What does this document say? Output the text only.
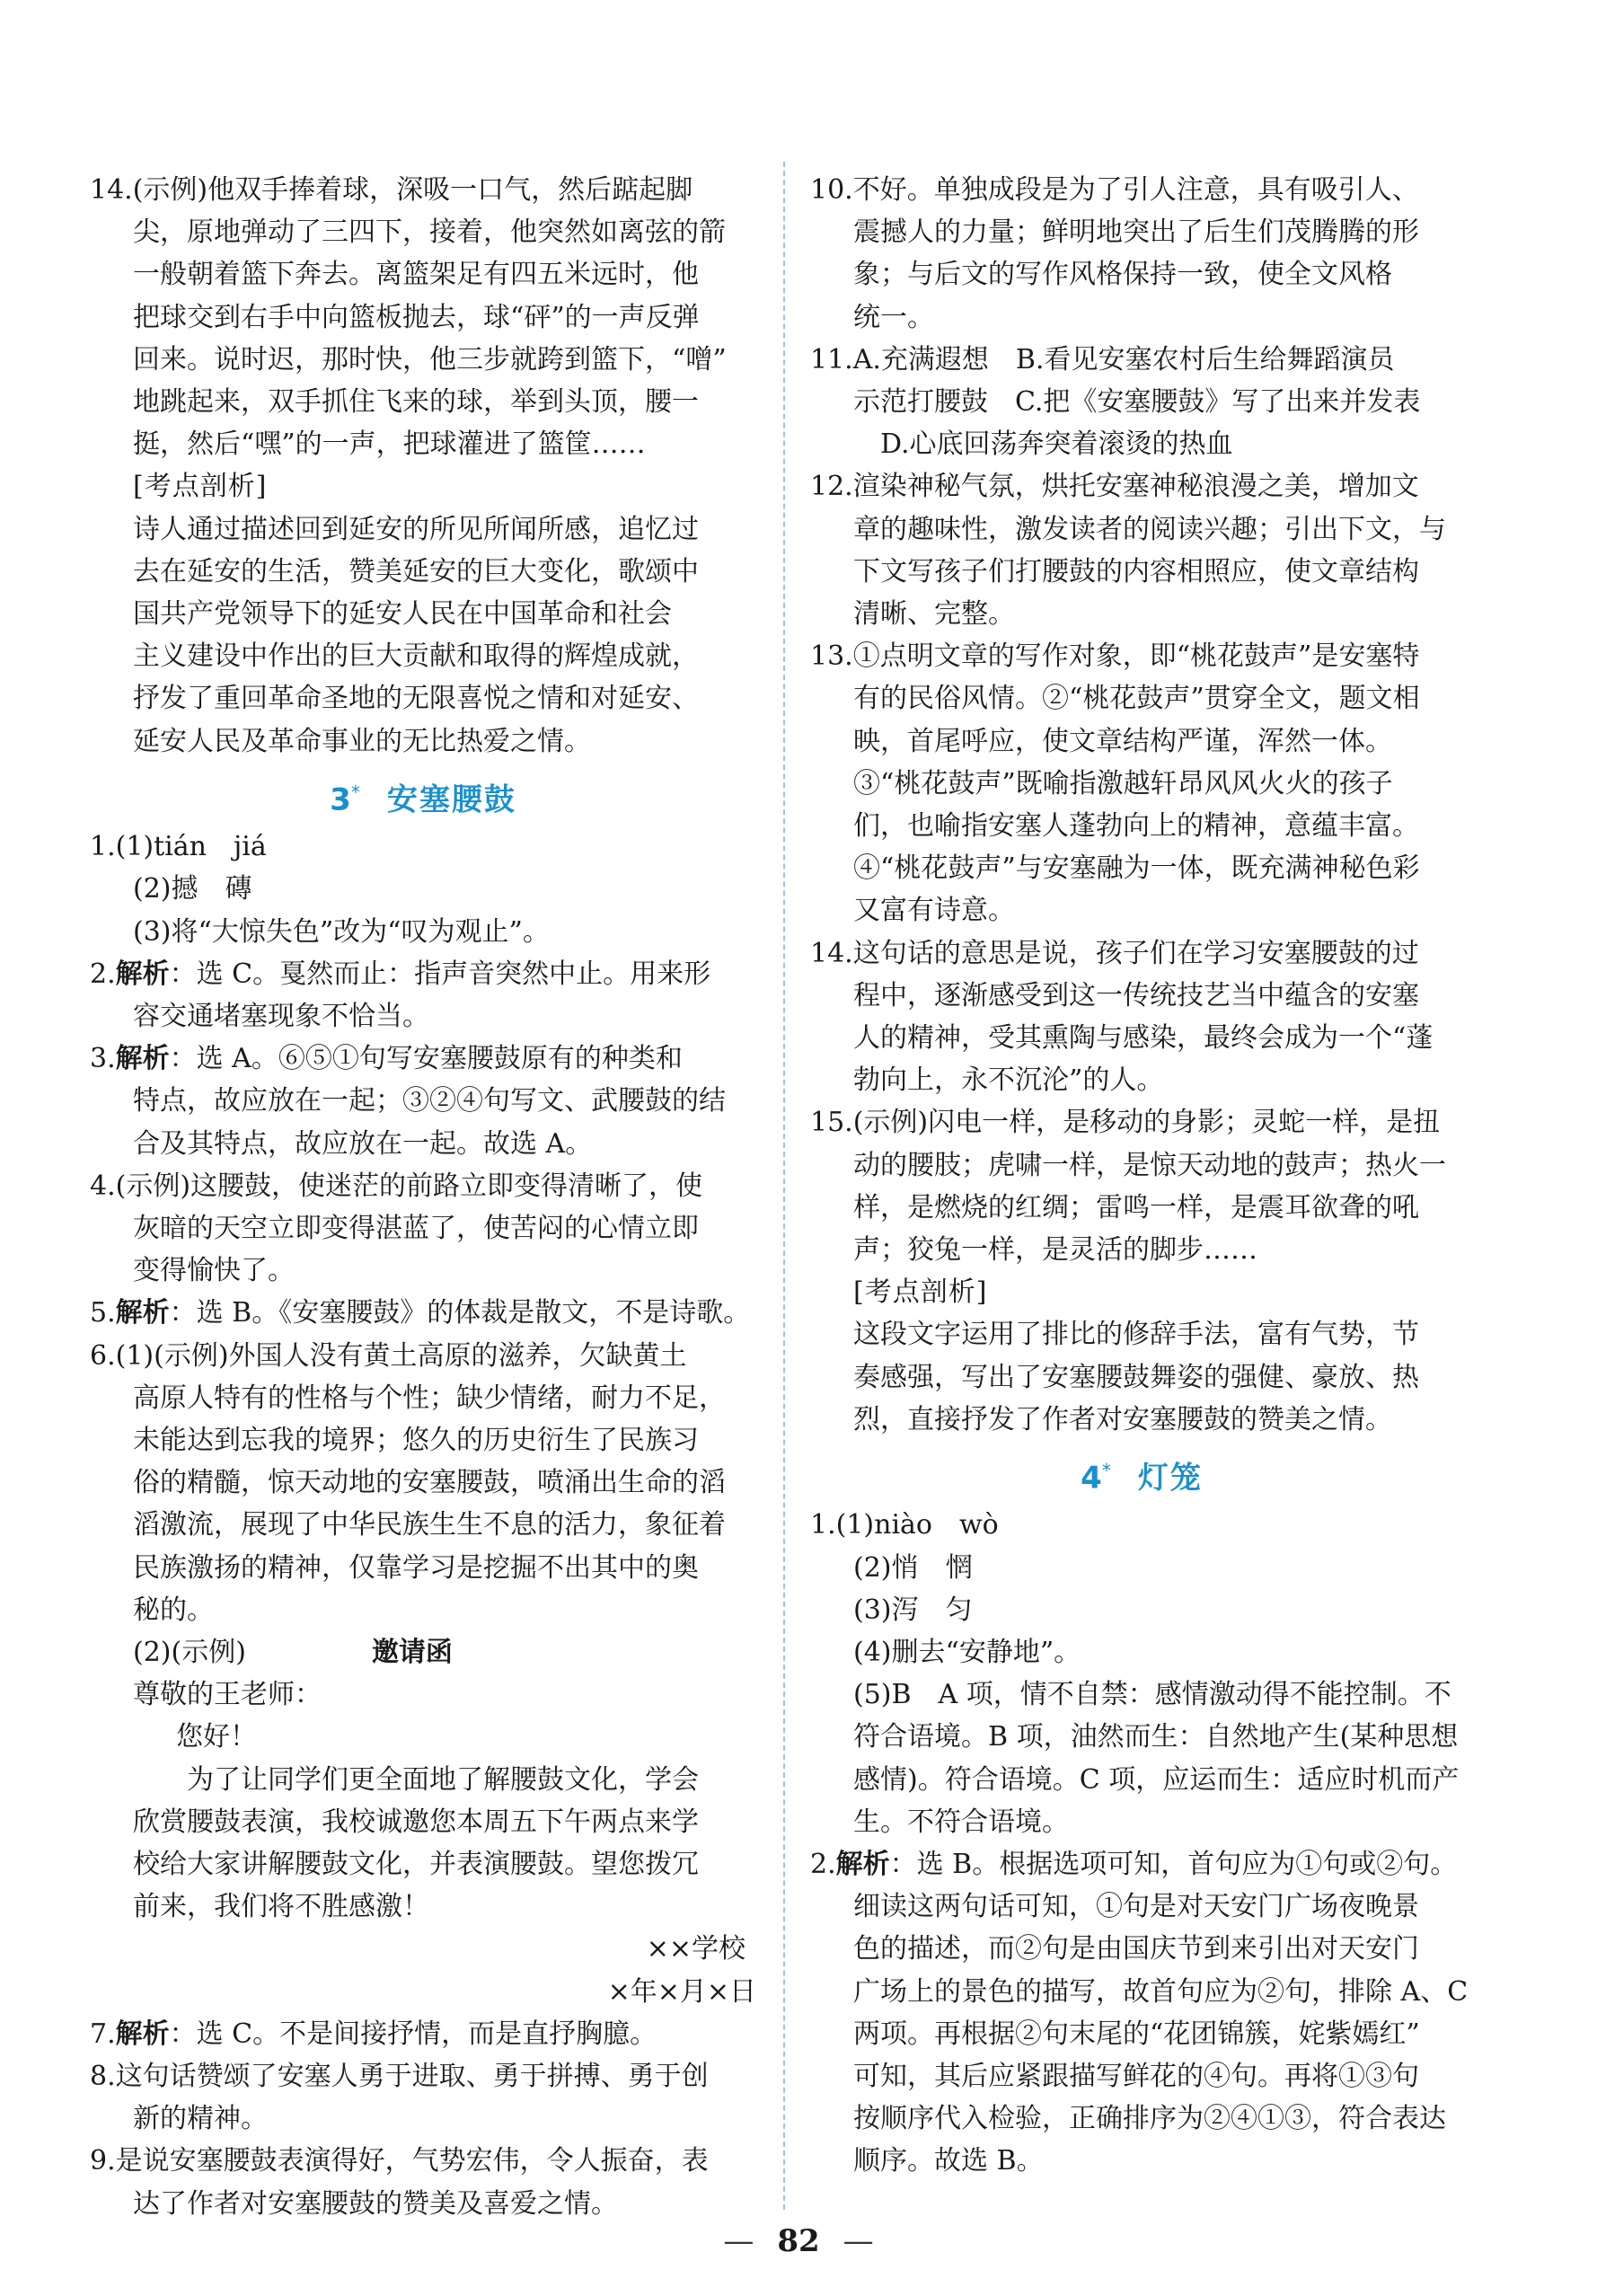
14.(示例)他双手捧着球，深吸一口气，然后踮起脚

尖，原地弹动了三四下，接着，他突然如离弦的箭

一般朝着篮下奔去。离篮架足有四五米远时，他

把球交到右手中向篮板抛去，球“砰”的一声反弹

回来。说时迟，那时快，他三步就跨到篮下，“噌”

地跳起来，双手抓住飞来的球，举到头顶，腰一

挺，然后“嘿”的一声，把球灌进了篮筐……

[考点剖析]

诗人通过描述回到延安的所见所闻所感，追忆过

去在延安的生活，赞美延安的巨大变化，歌颂中

国共产党领导下的延安人民在中国革命和社会

主义建设中作出的巨大贡献和取得的辉煌成就，

抒发了重回革命圣地的无限喜悦之情和对延安、

延安人民及革命事业的无比热爱之情。

3* 安塞腰鼓

1.(1)tián　jiá

(2)撼　磚

(3)将“大惊失色”改为“叹为观止”。

2.解析：选 C。戛然而止：指声音突然中止。用来形

容交通堵塞现象不恰当。

3.解析：选 A。⑥⑤①句写安塞腰鼓原有的种类和

特点，故应放在一起；③②④句写文、武腰鼓的结

合及其特点，故应放在一起。故选 A。

4.(示例)这腰鼓，使迷茫的前路立即变得清晰了，使

灰暗的天空立即变得湛蓝了，使苦闷的心情立即

变得愉快了。

5.解析：选 B。《安塞腰鼓》的体裁是散文，不是诗歌。

6.(1)(示例)外国人没有黄土高原的滋养，欠缺黄土

高原人特有的性格与个性；缺少情绪，耐力不足，

未能达到忘我的境界；悠久的历史衍生了民族习

俗的精髓，惊天动地的安塞腰鼓，喷涌出生命的滔

滔激流，展现了中华民族生生不息的活力，象征着

民族激扬的精神，仅靠学习是挖掘不出其中的奥

秘的。

(2)(示例)	邀请函

尊敬的王老师：

您好！

为了让同学们更全面地了解腰鼓文化，学会

欣赏腰鼓表演，我校诚邀您本周五下午两点来学

校给大家讲解腰鼓文化，并表演腰鼓。望您拨冗

前来，我们将不胜感激！

××学校

×年×月×日

7.解析：选 C。不是间接抒情，而是直抒胸臆。

8.这句话赞颂了安塞人勇于进取、勇于拼搏、勇于创

新的精神。

9.是说安塞腰鼓表演得好，气势宏伟，令人振奋，表

达了作者对安塞腰鼓的赞美及喜爱之情。

10.不好。单独成段是为了引人注意，具有吸引人、

震撼人的力量；鲜明地突出了后生们茂腾腾的形

象；与后文的写作风格保持一致，使全文风格

统一。

11.A.充满遐想　B.看见安塞农村后生给舞蹈演员

示范打腰鼓　C.把《安塞腰鼓》写了出来并发表

D.心底回荡奔突着滚烫的热血

12.渲染神秘气氛，烘托安塞神秘浪漫之美，增加文

章的趣味性，激发读者的阅读兴趣；引出下文，与

下文写孩子们打腰鼓的内容相照应，使文章结构

清晰、完整。

13.①点明文章的写作对象，即“桃花鼓声”是安塞特

有的民俗风情。②“桃花鼓声”贯穿全文，题文相

映，首尾呼应，使文章结构严谨，浑然一体。

③“桃花鼓声”既喻指激越轩昂风风火火的孩子

们，也喻指安塞人蓬勃向上的精神，意蕴丰富。

④“桃花鼓声”与安塞融为一体，既充满神秘色彩

又富有诗意。

14.这句话的意思是说，孩子们在学习安塞腰鼓的过

程中，逐渐感受到这一传统技艺当中蕴含的安塞

人的精神，受其熏陶与感染，最终会成为一个“蓬

勃向上，永不沉沦”的人。

15.(示例)闪电一样，是移动的身影；灵蛇一样，是扭

动的腰肢；虎啸一样，是惊天动地的鼓声；热火一

样，是燃烧的红绸；雷鸣一样，是震耳欲聋的吼

声；狡兔一样，是灵活的脚步……

[考点剖析]

这段文字运用了排比的修辞手法，富有气势，节

奏感强，写出了安塞腰鼓舞姿的强健、豪放、热

烈，直接抒发了作者对安塞腰鼓的赞美之情。

4* 灯笼

1.(1)niào　wò

(2)悄　惘

(3)泻　匀

(4)删去“安静地”。

(5)B　A 项，情不自禁：感情激动得不能控制。不

符合语境。B 项，油然而生：自然地产生(某种思想

感情)。符合语境。C 项，应运而生：适应时机而产

生。不符合语境。

2.解析：选 B。根据选项可知，首句应为①句或②句。

细读这两句话可知，①句是对天安门广场夜晚景

色的描述，而②句是由国庆节到来引出对天安门

广场上的景色的描写，故首句应为②句，排除 A、C

两项。再根据②句末尾的“花团锦簇，姹紫嫣红”

可知，其后应紧跟描写鲜花的④句。再将①③句

按顺序代入检验，正确排序为②④①③，符合表达

顺序。故选 B。

— 82 —
